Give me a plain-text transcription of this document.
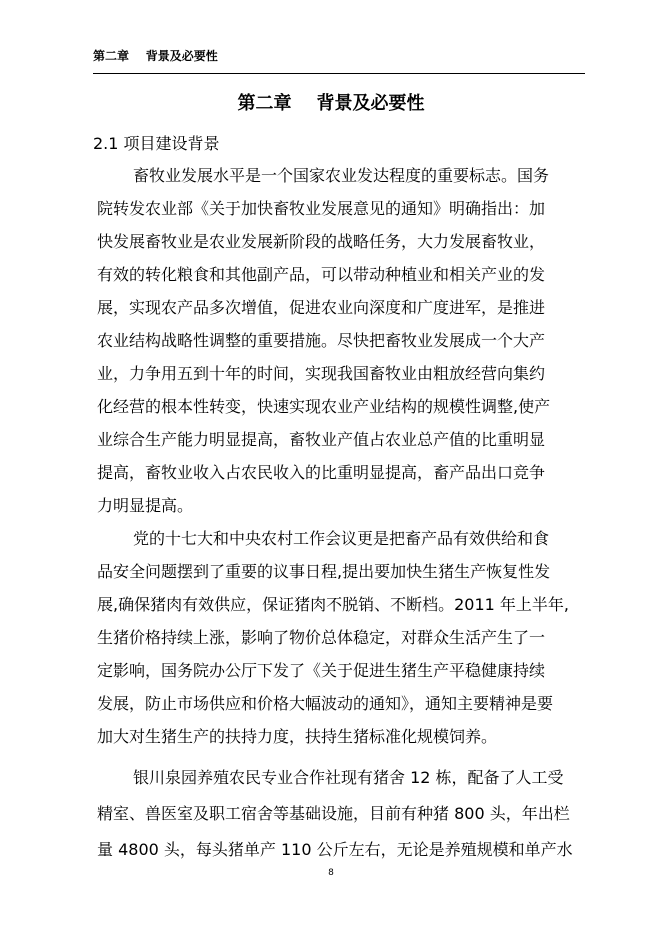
第二章    背景及必要性
第二章    背景及必要性
2.1 项目建设背景
畜牧业发展水平是一个国家农业发达程度的重要标志。国务
院转发农业部《关于加快畜牧业发展意见的通知》明确指出：加
快发展畜牧业是农业发展新阶段的战略任务，大力发展畜牧业，
有效的转化粮食和其他副产品，可以带动种植业和相关产业的发
展，实现农产品多次增值，促进农业向深度和广度进军，是推进
农业结构战略性调整的重要措施。尽快把畜牧业发展成一个大产
业，力争用五到十年的时间，实现我国畜牧业由粗放经营向集约
化经营的根本性转变，快速实现农业产业结构的规模性调整,使产
业综合生产能力明显提高，畜牧业产值占农业总产值的比重明显
提高，畜牧业收入占农民收入的比重明显提高，畜产品出口竞争
力明显提高。
党的十七大和中央农村工作会议更是把畜产品有效供给和食
品安全问题摆到了重要的议事日程,提出要加快生猪生产恢复性发
展,确保猪肉有效供应，保证猪肉不脱销、不断档。2011 年上半年,
生猪价格持续上涨，影响了物价总体稳定，对群众生活产生了一
定影响，国务院办公厅下发了《关于促进生猪生产平稳健康持续
发展，防止市场供应和价格大幅波动的通知》，通知主要精神是要
加大对生猪生产的扶持力度，扶持生猪标准化规模饲养。
银川泉园养殖农民专业合作社现有猪舍 12 栋，配备了人工受
精室、兽医室及职工宿舍等基础设施，目前有种猪 800 头，年出栏
量 4800 头，每头猪单产 110 公斤左右，无论是养殖规模和单产水
8
